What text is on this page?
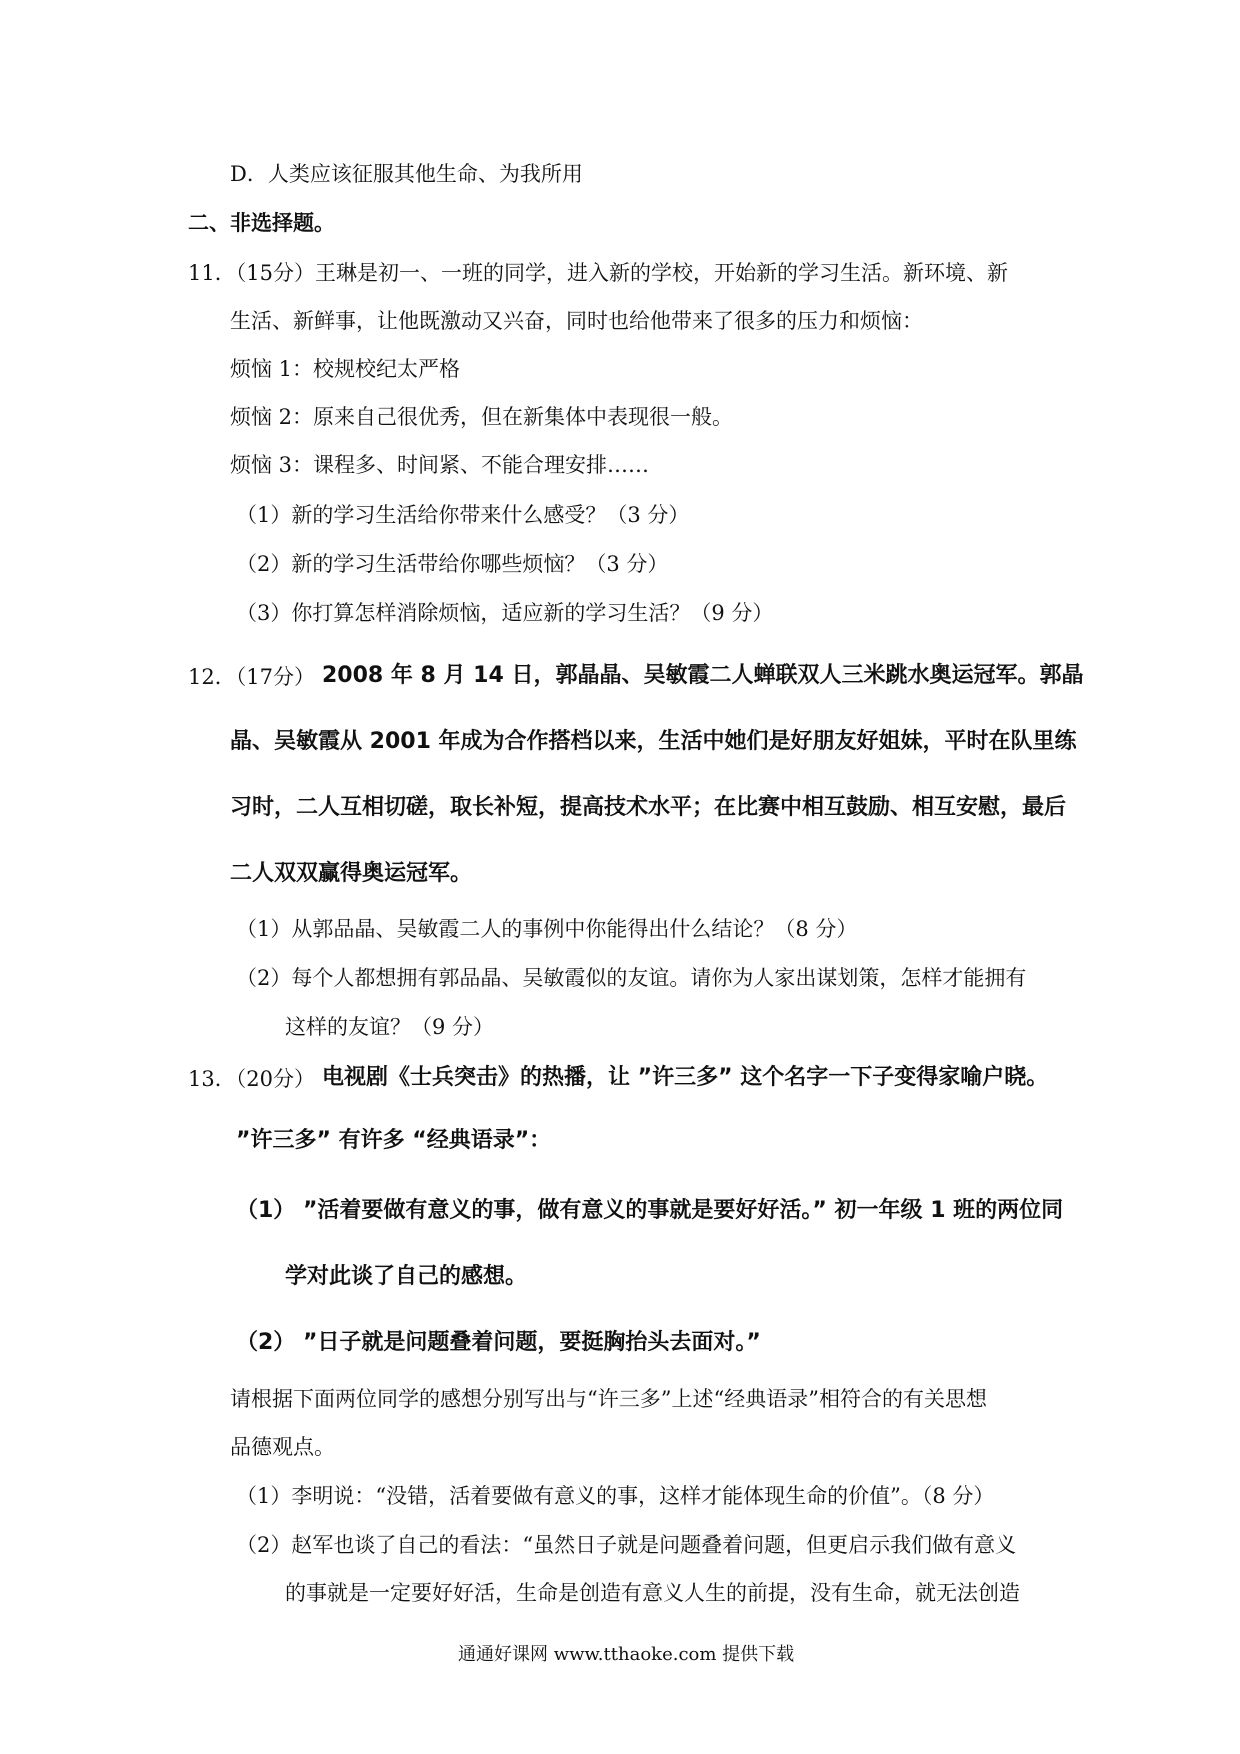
D．人类应该征服其他生命、为我所用
二、非选择题。
11．（15分）王琳是初一、一班的同学，进入新的学校，开始新的学习生活。新环境、新
生活、新鲜事，让他既激动又兴奋，同时也给他带来了很多的压力和烦恼：
烦恼 1：校规校纪太严格
烦恼 2：原来自己很优秀，但在新集体中表现很一般。
烦恼 3：课程多、时间紧、不能合理安排……
（1）新的学习生活给你带来什么感受？（3 分）
（2）新的学习生活带给你哪些烦恼？（3 分）
（3）你打算怎样消除烦恼，适应新的学习生活？（9 分）
12．（17分） 2008 年 8 月 14 日，郭晶晶、吴敏霞二人蝉联双人三米跳水奥运冠军。郭晶
晶、吴敏霞从 2001 年成为合作搭档以来，生活中她们是好朋友好姐妹，平时在队里练
习时，二人互相切磋，取长补短，提高技术水平；在比赛中相互鼓励、相互安慰，最后
二人双双赢得奥运冠军。
（1）从郭品晶、吴敏霞二人的事例中你能得出什么结论？（8 分）
（2）每个人都想拥有郭品晶、吴敏霞似的友谊。请你为人家出谋划策，怎样才能拥有
这样的友谊？（9 分）
13．（20分） 电视剧《士兵突击》的热播，让 ”许三多” 这个名字一下子变得家喻户晓。
”许三多” 有许多 “经典语录”：
（1） ”活着要做有意义的事，做有意义的事就是要好好活。” 初一年级 1 班的两位同
学对此谈了自己的感想。
（2） ”日子就是问题叠着问题，要挺胸抬头去面对。”
请根据下面两位同学的感想分别写出与“许三多”上述“经典语录”相符合的有关思想
品德观点。
（1）李明说：“没错，活着要做有意义的事，这样才能体现生命的价值”。（8 分）
（2）赵军也谈了自己的看法：“虽然日子就是问题叠着问题，但更启示我们做有意义
的事就是一定要好好活，生命是创造有意义人生的前提，没有生命，就无法创造
通通好课网 www.tthaoke.com 提供下载
